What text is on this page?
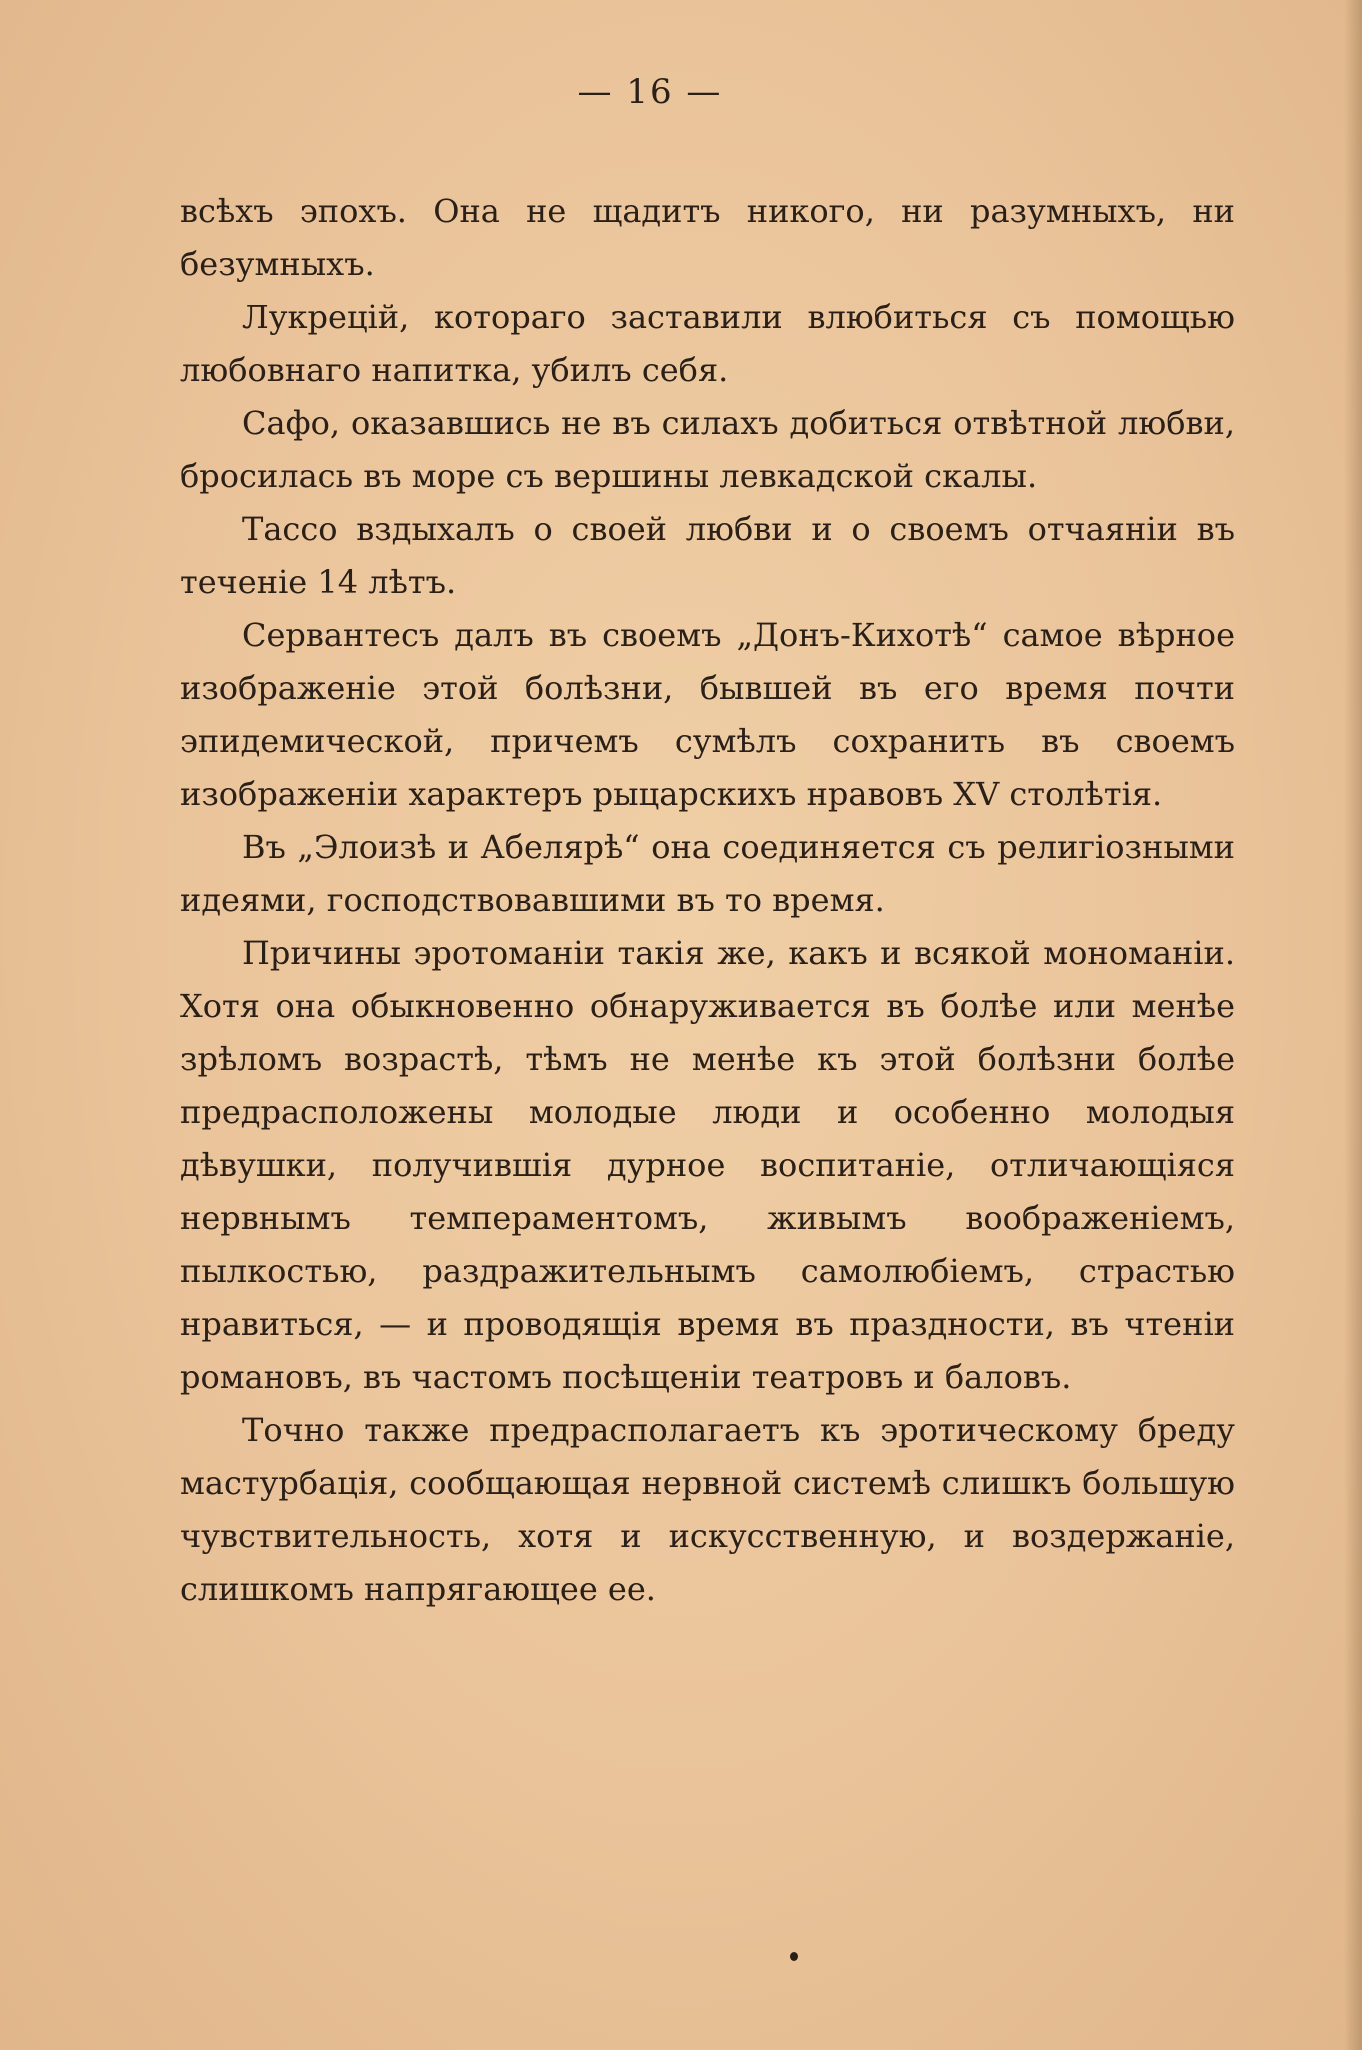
— 16 —

всѣхъ эпохъ. Она не щадитъ никого, ни разумныхъ, ни безумныхъ.

Лукрецій, котораго заставили влюбиться съ помощью любовнаго напитка, убилъ себя.

Сафо, оказавшись не въ силахъ добиться отвѣтной любви, бросилась въ море съ вершины левкадской скалы.

Тассо вздыхалъ о своей любви и о своемъ отчаяніи въ теченіе 14 лѣтъ.

Сервантесъ далъ въ своемъ „Донъ-Кихотѣ“ самое вѣрное изображеніе этой болѣзни, бывшей въ его время почти эпидемической, причемъ сумѣлъ сохранить въ своемъ изображеніи характеръ рыцарскихъ нравовъ XV столѣтія.

Въ „Элоизѣ и Абелярѣ“ она соединяется съ религіозными идеями, господствовавшими въ то время.

Причины эротоманіи такія же, какъ и всякой мономаніи. Хотя она обыкновенно обнаруживается въ болѣе или менѣе зрѣломъ возрастѣ, тѣмъ не менѣе къ этой болѣзни болѣе предрасположены молодые люди и особенно молодыя дѣвушки, получившія дурное воспитаніе, отличающіяся нервнымъ темпераментомъ, живымъ воображеніемъ, пылкостью, раздражительнымъ самолюбіемъ, страстью нравиться, — и проводящія время въ праздности, въ чтеніи романовъ, въ частомъ посѣщеніи театровъ и баловъ.

Точно также предрасполагаетъ къ эротическому бреду мастурбація, сообщающая нервной системѣ слишкъ большую чувствительность, хотя и искусственную, и воздержаніе, слишкомъ напрягающее ее.
